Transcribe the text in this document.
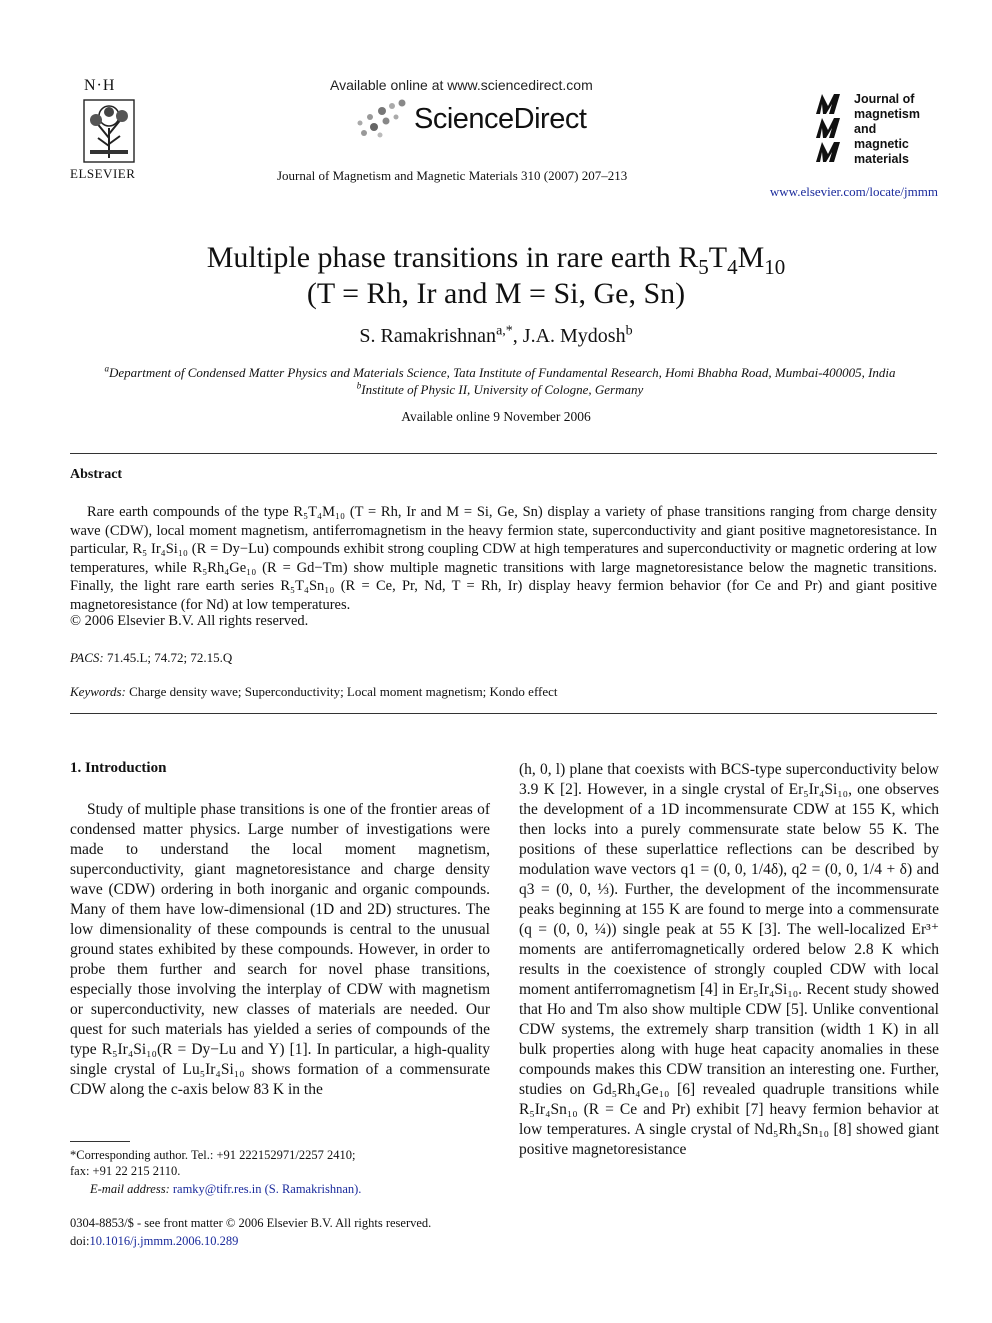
N·H
ELSEVIER
Available online at www.sciencedirect.com
ScienceDirect
Journal of Magnetism and Magnetic Materials 310 (2007) 207–213
Journal of
magnetism
and
magnetic
materials
www.elsevier.com/locate/jmmm
Multiple phase transitions in rare earth $R_5T_4M_{10}$
(T = Rh, Ir and M = Si, Ge, Sn)
S. Ramakrishnan$^{a,*}$, J.A. Mydosh$^b$
$^a$Department of Condensed Matter Physics and Materials Science, Tata Institute of Fundamental Research, Homi Bhabha Road, Mumbai-400005, India
$^b$Institute of Physic II, University of Cologne, Germany
Available online 9 November 2006
Abstract
Rare earth compounds of the type R₅T₄M₁₀ (T = Rh, Ir and M = Si, Ge, Sn) display a variety of phase transitions ranging from charge density wave (CDW), local moment magnetism, antiferromagnetism in the heavy fermion state, superconductivity and giant positive magnetoresistance. In particular, R₅ Ir₄Si₁₀ (R = Dy−Lu) compounds exhibit strong coupling CDW at high temperatures and superconductivity or magnetic ordering at low temperatures, while R₅Rh₄Ge₁₀ (R = Gd−Tm) show multiple magnetic transitions with large magnetoresistance below the magnetic transitions. Finally, the light rare earth series R₅T₄Sn₁₀ (R = Ce, Pr, Nd, T = Rh, Ir) display heavy fermion behavior (for Ce and Pr) and giant positive magnetoresistance (for Nd) at low temperatures.
© 2006 Elsevier B.V. All rights reserved.
PACS: 71.45.L; 74.72; 72.15.Q
Keywords: Charge density wave; Superconductivity; Local moment magnetism; Kondo effect
1. Introduction
Study of multiple phase transitions is one of the frontier areas of condensed matter physics. Large number of investigations were made to understand the local moment magnetism, superconductivity, giant magnetoresistance and charge density wave (CDW) ordering in both inorganic and organic compounds. Many of them have low-dimensional (1D and 2D) structures. The low dimensionality of these compounds is central to the unusual ground states exhibited by these compounds. However, in order to probe them further and search for novel phase transitions, especially those involving the interplay of CDW with magnetism or superconductivity, new classes of materials are needed. Our quest for such materials has yielded a series of compounds of the type R₅Ir₄Si₁₀(R = Dy−Lu and Y) [1]. In particular, a high-quality single crystal of Lu₅Ir₄Si₁₀ shows formation of a commensurate CDW along the c-axis below 83 K in the
(h, 0, l) plane that coexists with BCS-type superconductivity below 3.9 K [2]. However, in a single crystal of Er₅Ir₄Si₁₀, one observes the development of a 1D incommensurate CDW at 155 K, which then locks into a purely commensurate state below 55 K. The positions of these superlattice reflections can be described by modulation wave vectors q1 = (0, 0, 1/4δ), q2 = (0, 0, 1/4 + δ) and q3 = (0, 0, ⅓). Further, the development of the incommensurate peaks beginning at 155 K are found to merge into a commensurate (q = (0, 0, ¼)) single peak at 55 K [3]. The well-localized Er³⁺ moments are antiferromagnetically ordered below 2.8 K which results in the coexistence of strongly coupled CDW with local moment antiferromagnetism [4] in Er₅Ir₄Si₁₀. Recent study showed that Ho and Tm also show multiple CDW [5]. Unlike conventional CDW systems, the extremely sharp transition (width 1 K) in all bulk properties along with huge heat capacity anomalies in these compounds makes this CDW transition an interesting one. Further, studies on Gd₅Rh₄Ge₁₀ [6] revealed quadruple transitions while R₅Ir₄Sn₁₀ (R = Ce and Pr) exhibit [7] heavy fermion behavior at low temperatures. A single crystal of Nd₅Rh₄Sn₁₀ [8] showed giant positive magnetoresistance
*Corresponding author. Tel.: +91 222152971/2257 2410;
fax: +91 22 215 2110.
E-mail address: ramky@tifr.res.in (S. Ramakrishnan).
0304-8853/$ - see front matter © 2006 Elsevier B.V. All rights reserved.
doi:10.1016/j.jmmm.2006.10.289
